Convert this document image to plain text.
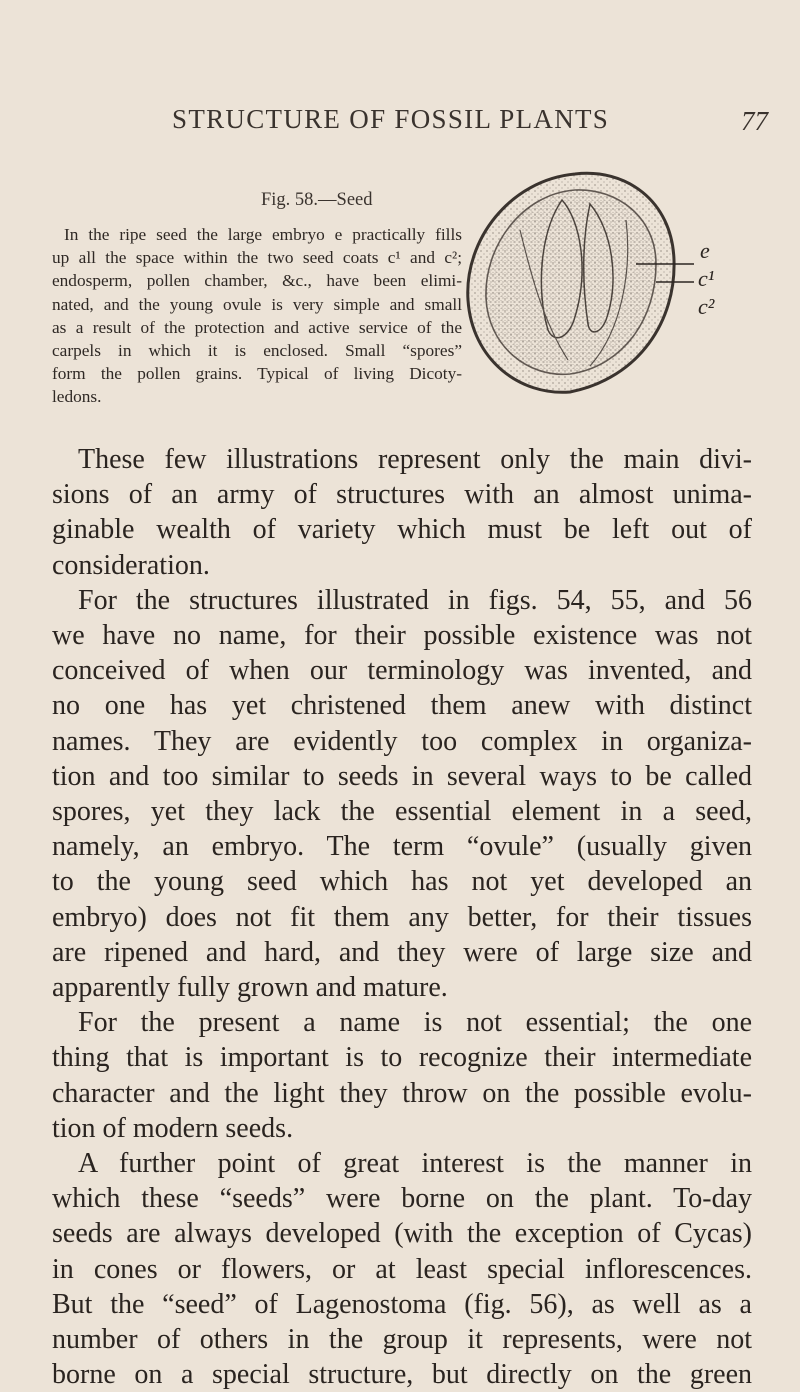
STRUCTURE OF FOSSIL PLANTS	77
Fig. 58.—Seed
In the ripe seed the large embryo e practically fills
up all the space within the two seed coats c¹ and c²;
endosperm, pollen chamber, &c., have been elimi-
nated, and the young ovule is very simple and small
as a result of the protection and active service of the
carpels in which it is enclosed. Small “spores”
form the pollen grains. Typical of living Dicoty-
ledons.
e
c¹
c²
These few illustrations represent only the main divi-
sions of an army of structures with an almost unima-
ginable wealth of variety which must be left out of
consideration.
For the structures illustrated in figs. 54, 55, and 56
we have no name, for their possible existence was not
conceived of when our terminology was invented, and
no one has yet christened them anew with distinct
names. They are evidently too complex in organiza-
tion and too similar to seeds in several ways to be called
spores, yet they lack the essential element in a seed,
namely, an embryo. The term “ovule” (usually given
to the young seed which has not yet developed an
embryo) does not fit them any better, for their tissues
are ripened and hard, and they were of large size and
apparently fully grown and mature.
For the present a name is not essential; the one
thing that is important is to recognize their intermediate
character and the light they throw on the possible evolu-
tion of modern seeds.
A further point of great interest is the manner in
which these “seeds” were borne on the plant. To-day
seeds are always developed (with the exception of Cycas)
in cones or flowers, or at least special inflorescences.
But the “seed” of Lagenostoma (fig. 56), as well as a
number of others in the group it represents, were not
borne on a special structure, but directly on the green
